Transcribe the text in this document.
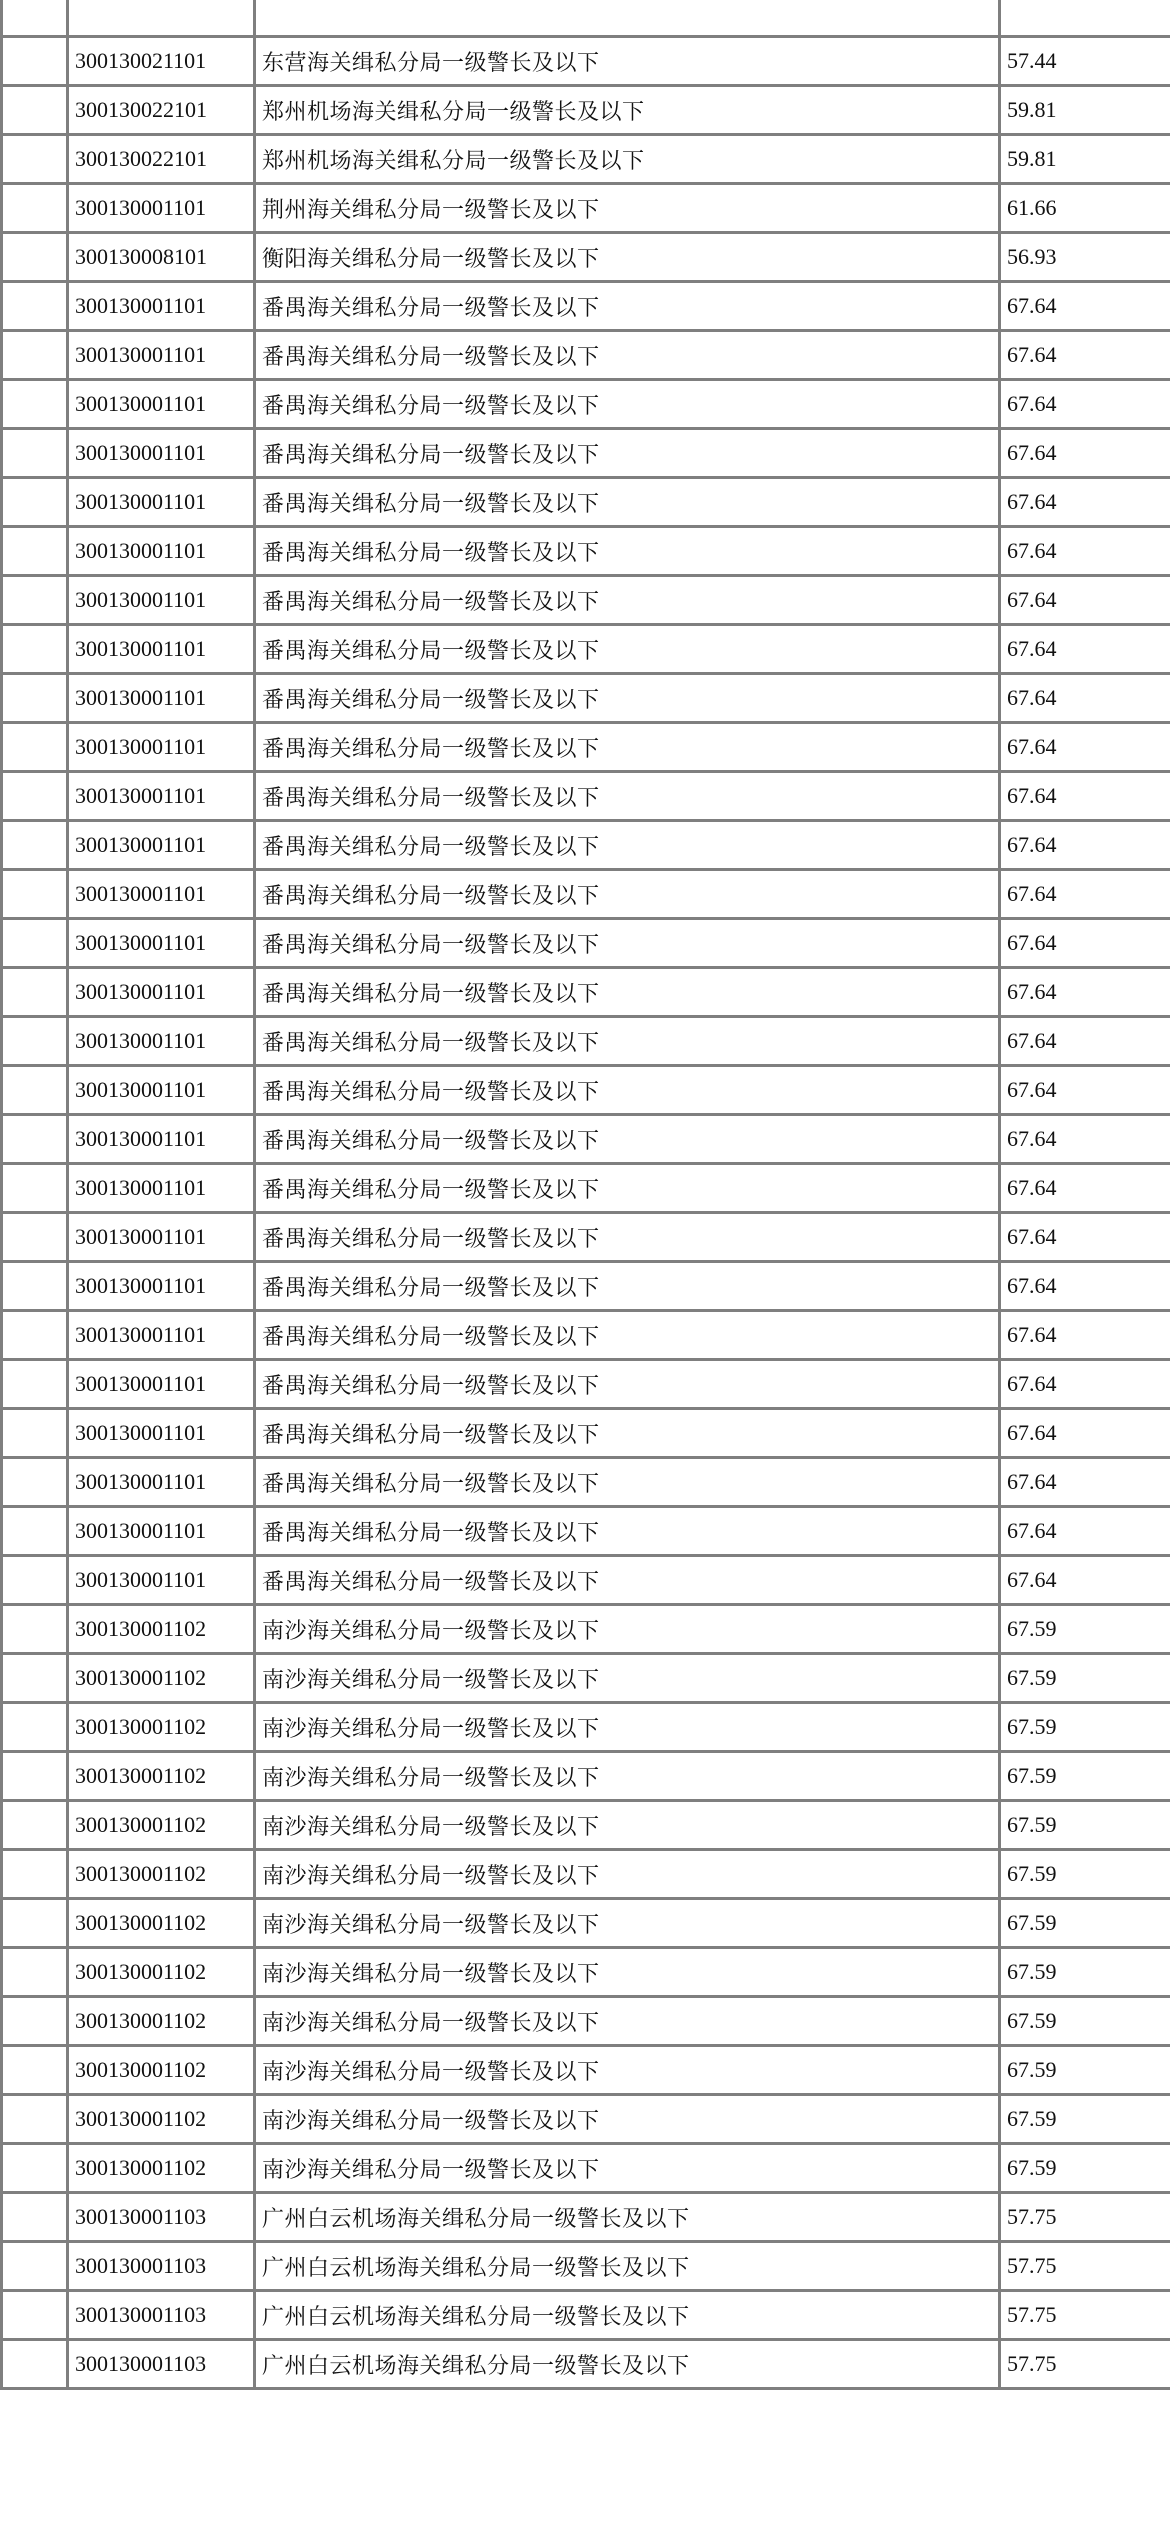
	300130021101	东营海关缉私分局一级警长及以下	57.44
	300130022101	郑州机场海关缉私分局一级警长及以下	59.81
	300130022101	郑州机场海关缉私分局一级警长及以下	59.81
	300130001101	荆州海关缉私分局一级警长及以下	61.66
	300130008101	衡阳海关缉私分局一级警长及以下	56.93
	300130001101	番禺海关缉私分局一级警长及以下	67.64
	300130001101	番禺海关缉私分局一级警长及以下	67.64
	300130001101	番禺海关缉私分局一级警长及以下	67.64
	300130001101	番禺海关缉私分局一级警长及以下	67.64
	300130001101	番禺海关缉私分局一级警长及以下	67.64
	300130001101	番禺海关缉私分局一级警长及以下	67.64
	300130001101	番禺海关缉私分局一级警长及以下	67.64
	300130001101	番禺海关缉私分局一级警长及以下	67.64
	300130001101	番禺海关缉私分局一级警长及以下	67.64
	300130001101	番禺海关缉私分局一级警长及以下	67.64
	300130001101	番禺海关缉私分局一级警长及以下	67.64
	300130001101	番禺海关缉私分局一级警长及以下	67.64
	300130001101	番禺海关缉私分局一级警长及以下	67.64
	300130001101	番禺海关缉私分局一级警长及以下	67.64
	300130001101	番禺海关缉私分局一级警长及以下	67.64
	300130001101	番禺海关缉私分局一级警长及以下	67.64
	300130001101	番禺海关缉私分局一级警长及以下	67.64
	300130001101	番禺海关缉私分局一级警长及以下	67.64
	300130001101	番禺海关缉私分局一级警长及以下	67.64
	300130001101	番禺海关缉私分局一级警长及以下	67.64
	300130001101	番禺海关缉私分局一级警长及以下	67.64
	300130001101	番禺海关缉私分局一级警长及以下	67.64
	300130001101	番禺海关缉私分局一级警长及以下	67.64
	300130001101	番禺海关缉私分局一级警长及以下	67.64
	300130001101	番禺海关缉私分局一级警长及以下	67.64
	300130001101	番禺海关缉私分局一级警长及以下	67.64
	300130001101	番禺海关缉私分局一级警长及以下	67.64
	300130001102	南沙海关缉私分局一级警长及以下	67.59
	300130001102	南沙海关缉私分局一级警长及以下	67.59
	300130001102	南沙海关缉私分局一级警长及以下	67.59
	300130001102	南沙海关缉私分局一级警长及以下	67.59
	300130001102	南沙海关缉私分局一级警长及以下	67.59
	300130001102	南沙海关缉私分局一级警长及以下	67.59
	300130001102	南沙海关缉私分局一级警长及以下	67.59
	300130001102	南沙海关缉私分局一级警长及以下	67.59
	300130001102	南沙海关缉私分局一级警长及以下	67.59
	300130001102	南沙海关缉私分局一级警长及以下	67.59
	300130001102	南沙海关缉私分局一级警长及以下	67.59
	300130001102	南沙海关缉私分局一级警长及以下	67.59
	300130001103	广州白云机场海关缉私分局一级警长及以下	57.75
	300130001103	广州白云机场海关缉私分局一级警长及以下	57.75
	300130001103	广州白云机场海关缉私分局一级警长及以下	57.75
	300130001103	广州白云机场海关缉私分局一级警长及以下	57.75
